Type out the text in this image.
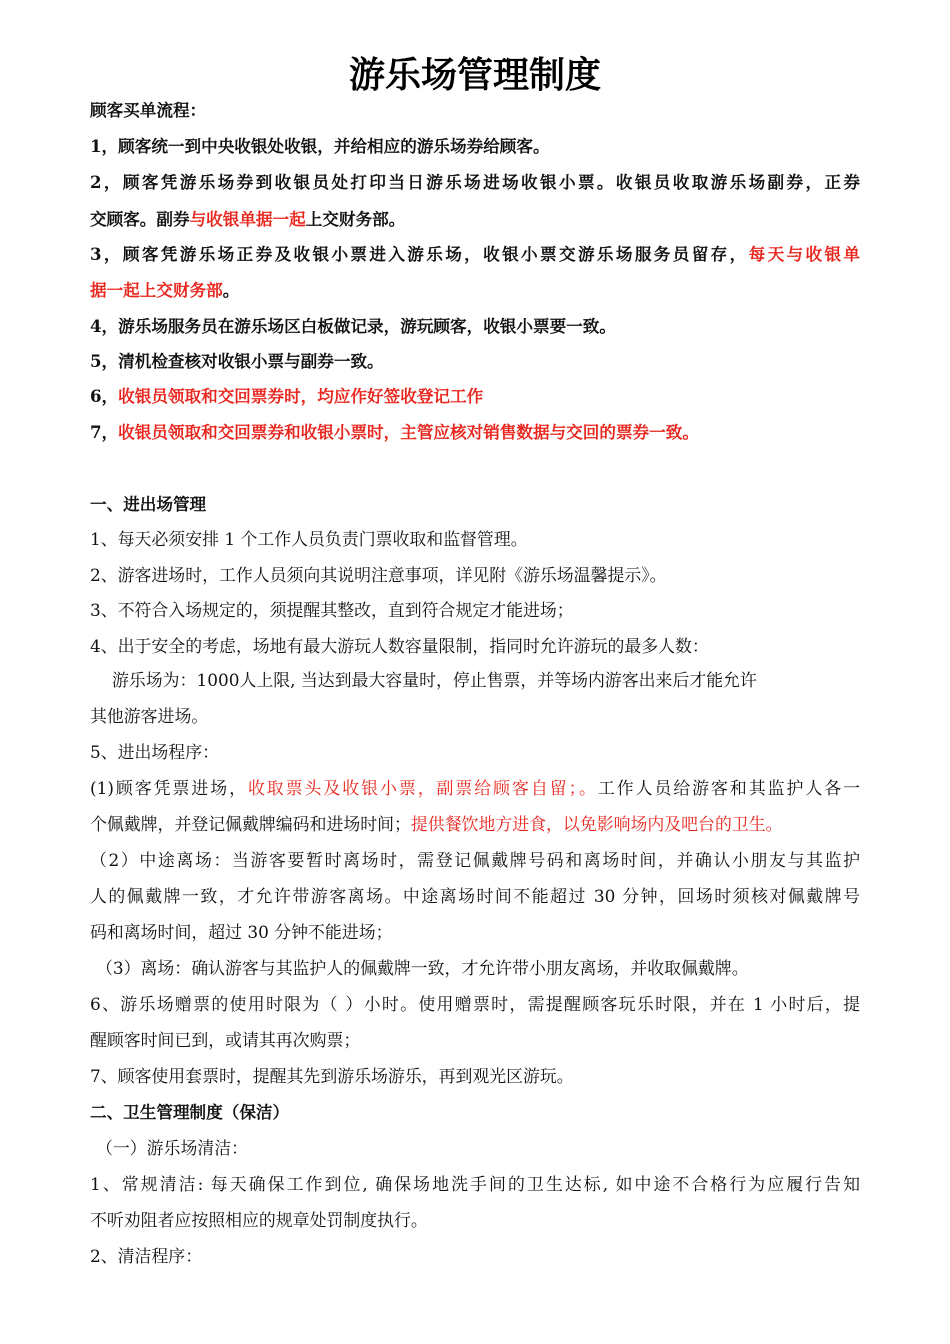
游乐场管理制度
顾客买单流程：
1，顾客统一到中央收银处收银，并给相应的游乐场券给顾客。
2，顾客凭游乐场券到收银员处打印当日游乐场进场收银小票。收银员收取游乐场副券，正券
交顾客。副券与收银单据一起上交财务部。
3，顾客凭游乐场正券及收银小票进入游乐场，收银小票交游乐场服务员留存，每天与收银单
据一起上交财务部。
4，游乐场服务员在游乐场区白板做记录，游玩顾客，收银小票要一致。
5，清机检查核对收银小票与副券一致。
6，收银员领取和交回票券时，均应作好签收登记工作
7，收银员领取和交回票券和收银小票时，主管应核对销售数据与交回的票券一致。
一、进出场管理
1、每天必须安排 1 个工作人员负责门票收取和监督管理。
2、游客进场时，工作人员须向其说明注意事项，详见附《游乐场温馨提示》。
3、不符合入场规定的，须提醒其整改，直到符合规定才能进场；
4、出于安全的考虑，场地有最大游玩人数容量限制，指同时允许游玩的最多人数：
游乐场为：1000人上限, 当达到最大容量时，停止售票，并等场内游客出来后才能允许
其他游客进场。
5、进出场程序：
(1)顾客凭票进场，收取票头及收银小票，副票给顾客自留；。工作人员给游客和其监护人各一
个佩戴牌，并登记佩戴牌编码和进场时间；提供餐饮地方进食，以免影响场内及吧台的卫生。
（2）中途离场：当游客要暂时离场时，需登记佩戴牌号码和离场时间，并确认小朋友与其监护
人的佩戴牌一致，才允许带游客离场。中途离场时间不能超过 30 分钟，回场时须核对佩戴牌号
码和离场时间，超过 30 分钟不能进场；
（3）离场：确认游客与其监护人的佩戴牌一致，才允许带小朋友离场，并收取佩戴牌。
6、游乐场赠票的使用时限为（ ）小时。使用赠票时，需提醒顾客玩乐时限，并在 1 小时后，提
醒顾客时间已到，或请其再次购票；
7、顾客使用套票时，提醒其先到游乐场游乐，再到观光区游玩。
二、卫生管理制度（保洁）
（一）游乐场清洁：
1、常规清洁: 每天确保工作到位, 确保场地洗手间的卫生达标, 如中途不合格行为应履行告知
不听劝阻者应按照相应的规章处罚制度执行。
2、清洁程序：
